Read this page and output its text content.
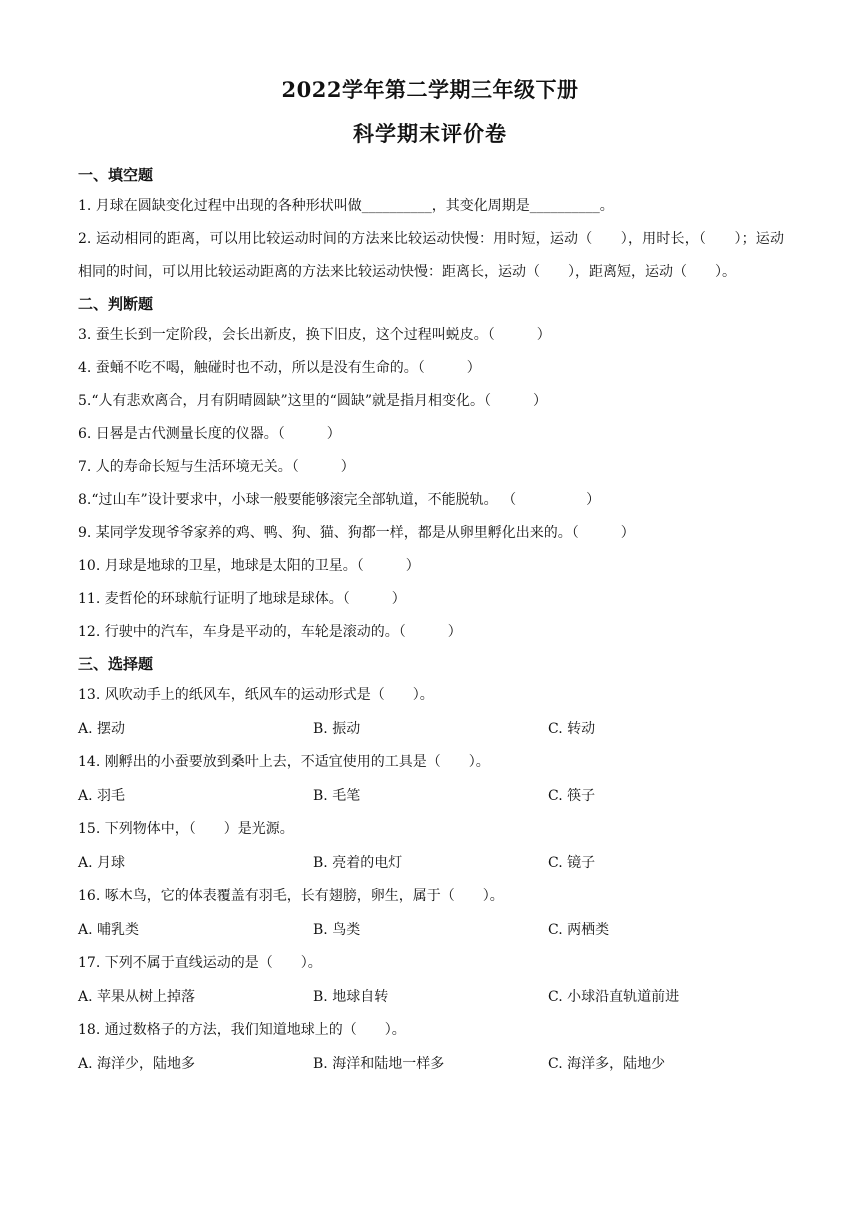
2022学年第二学期三年级下册
科学期末评价卷
一、填空题
1. 月球在圆缺变化过程中出现的各种形状叫做__________，其变化周期是__________。
2. 运动相同的距离，可以用比较运动时间的方法来比较运动快慢：用时短，运动（　　），用时长，（　　）；运动相同的时间，可以用比较运动距离的方法来比较运动快慢：距离长，运动（　　），距离短，运动（　　）。
二、判断题
3. 蚕生长到一定阶段，会长出新皮，换下旧皮，这个过程叫蜕皮。（　　　）
4. 蚕蛹不吃不喝，触碰时也不动，所以是没有生命的。（　　　）
5.“人有悲欢离合，月有阴晴圆缺”这里的“圆缺”就是指月相变化。（　　　）
6. 日晷是古代测量长度的仪器。（　　　）
7. 人的寿命长短与生活环境无关。（　　　）
8.“过山车”设计要求中，小球一般要能够滚完全部轨道，不能脱轨。 （　　　　　）
9. 某同学发现爷爷家养的鸡、鸭、狗、猫、狗都一样，都是从卵里孵化出来的。（　　　）
10. 月球是地球的卫星，地球是太阳的卫星。（　　　）
11. 麦哲伦的环球航行证明了地球是球体。（　　　）
12. 行驶中的汽车，车身是平动的，车轮是滚动的。（　　　）
三、选择题
13. 风吹动手上的纸风车，纸风车的运动形式是（　　）。
A. 摆动	B. 振动	C. 转动
14. 刚孵出的小蚕要放到桑叶上去，不适宜使用的工具是（　　）。
A. 羽毛	B. 毛笔	C. 筷子
15. 下列物体中，（　　）是光源。
A. 月球	B. 亮着的电灯	C. 镜子
16. 啄木鸟，它的体表覆盖有羽毛，长有翅膀，卵生，属于（　　）。
A. 哺乳类	B. 鸟类	C. 两栖类
17. 下列不属于直线运动的是（　　）。
A. 苹果从树上掉落	B. 地球自转	C. 小球沿直轨道前进
18. 通过数格子的方法，我们知道地球上的（　　）。
A. 海洋少，陆地多	B. 海洋和陆地一样多	C. 海洋多，陆地少
